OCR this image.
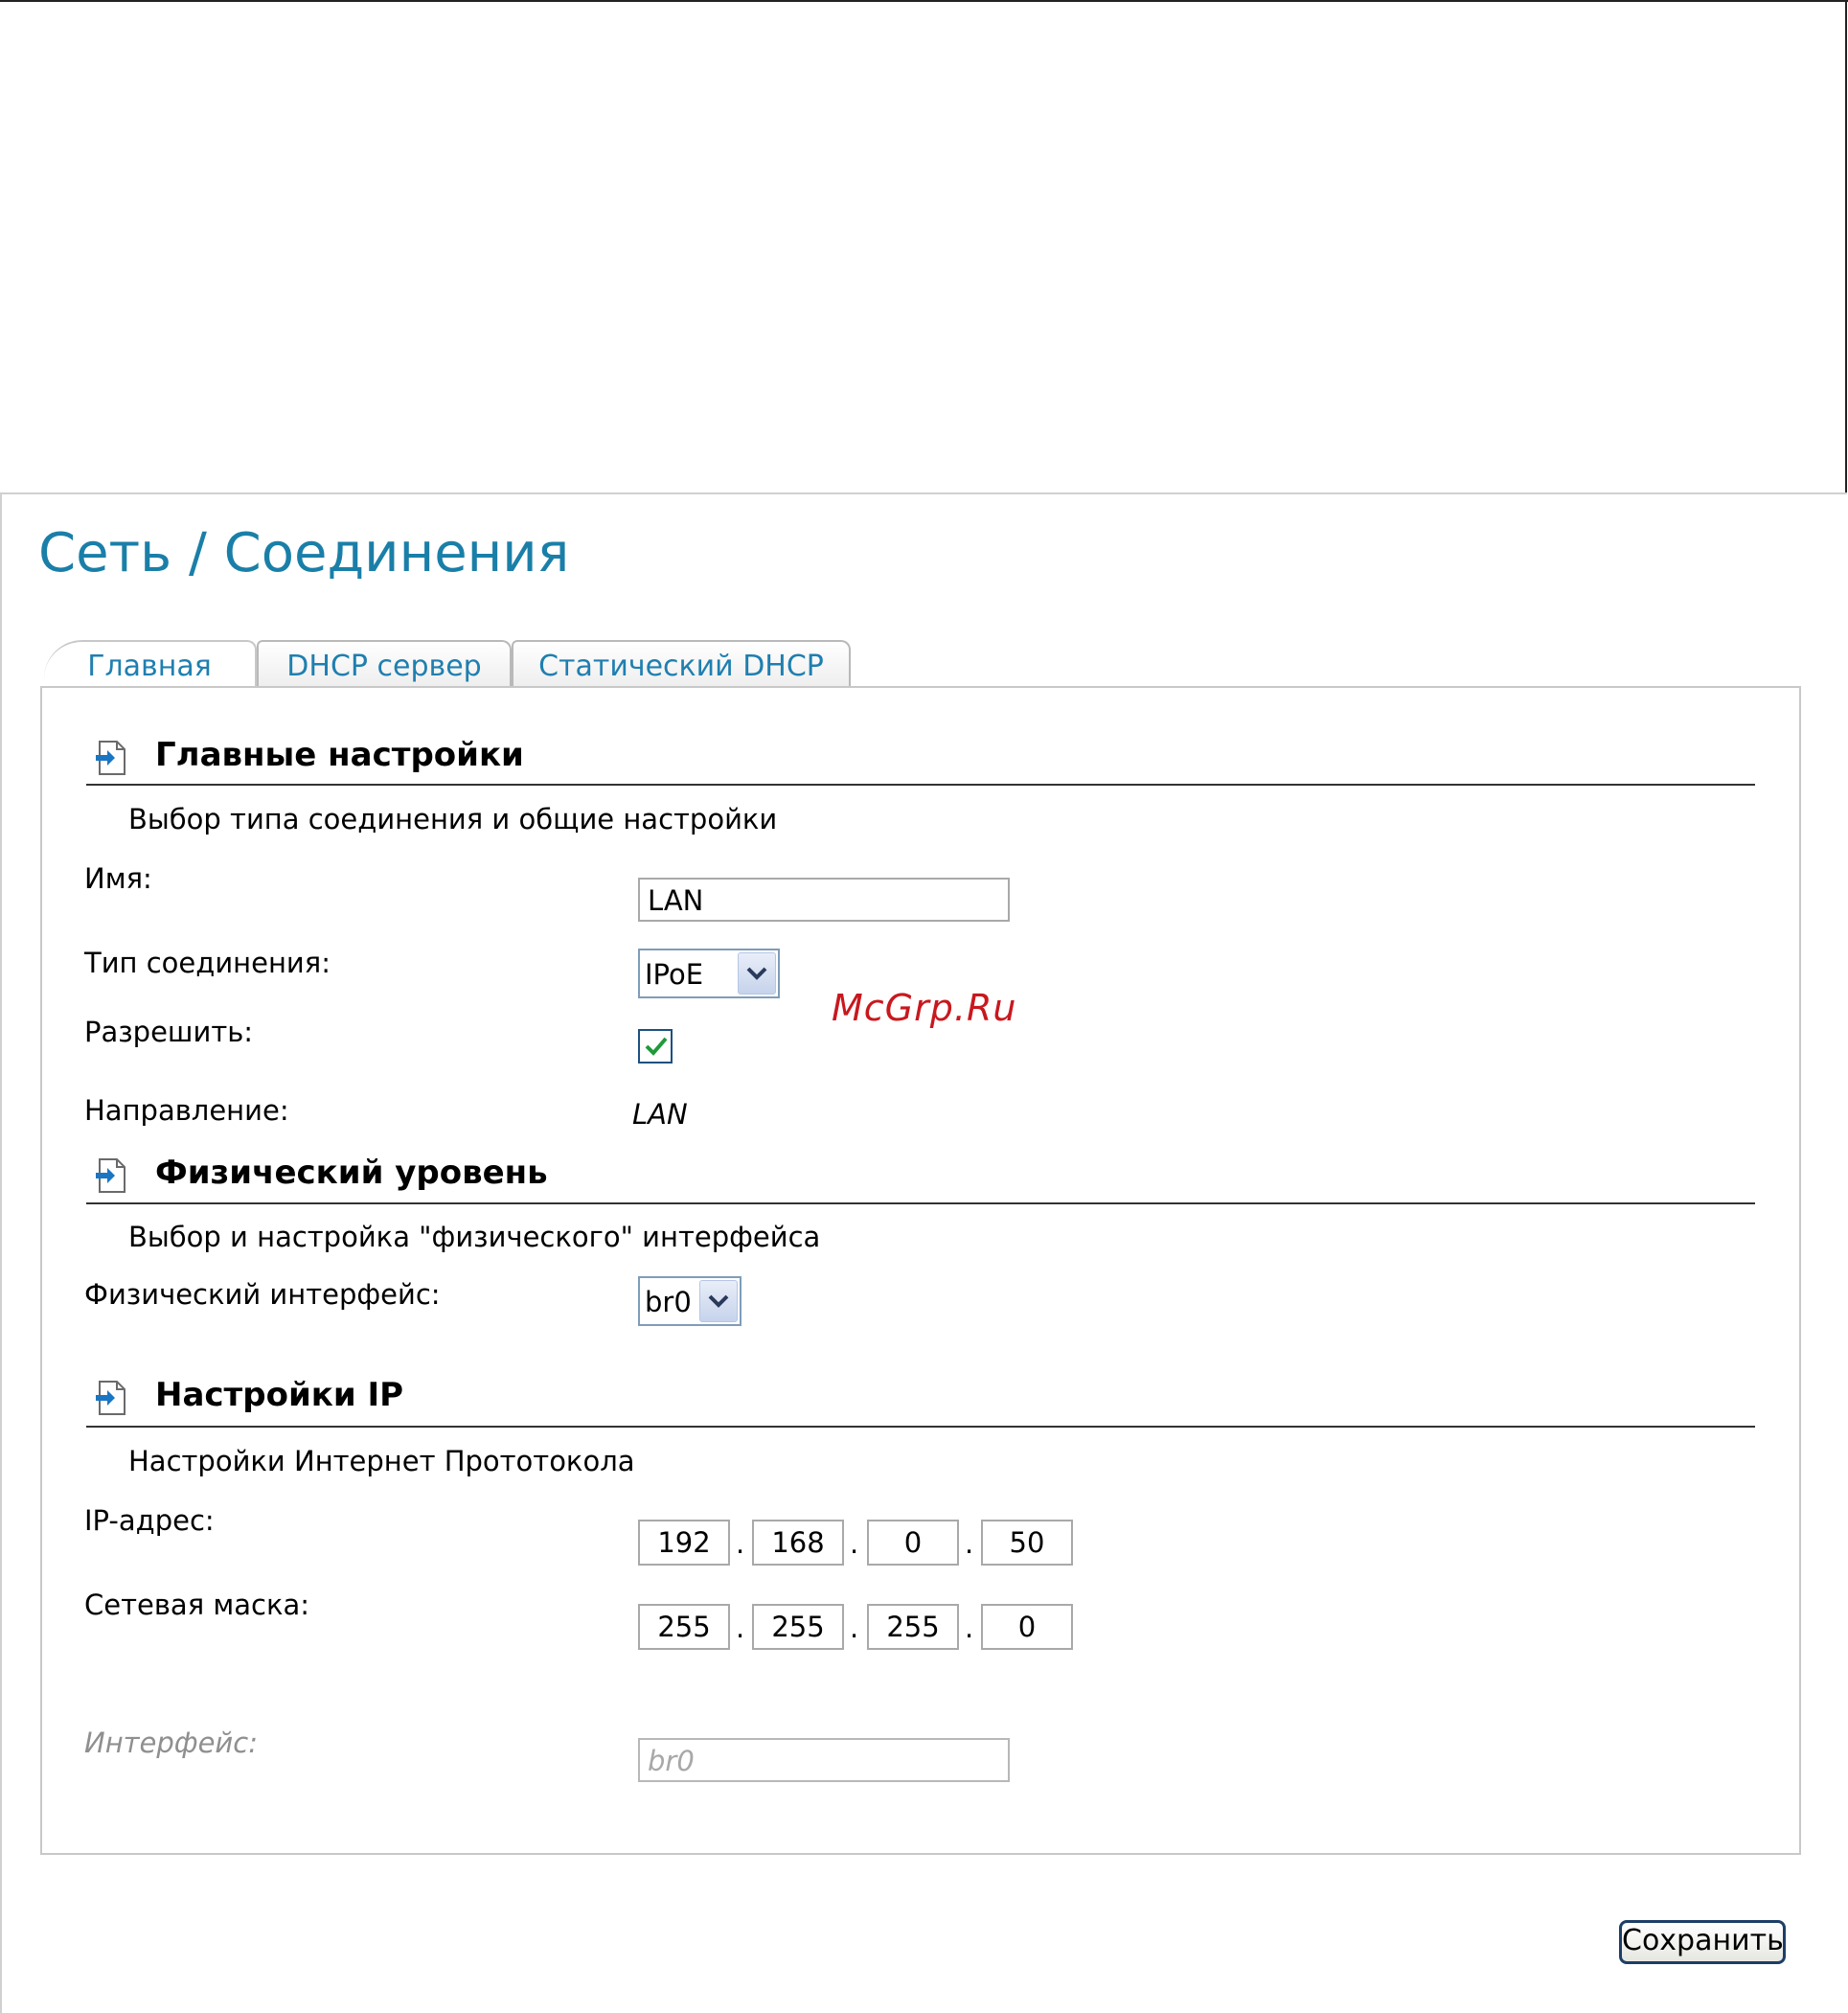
Сеть / Соединения
Главная	DHCP сервер	Статический DHCP
Главные настройки
Выбор типа соединения и общие настройки
Имя:
LAN
Тип соединения:	IPoE
Разрешить:
Направление:	LAN
Физический уровень
Выбор и настройка "физического" интерфейса
Физический интерфейс:	br0
Настройки IP
Настройки Интернет Прототокола
IP-адрес:
192 . 168 .	0	.	50
Сетевая маска:
255 . 255 .	255 .	0
Интерфейс:
br0
Сохранить
McGrp.Ru
